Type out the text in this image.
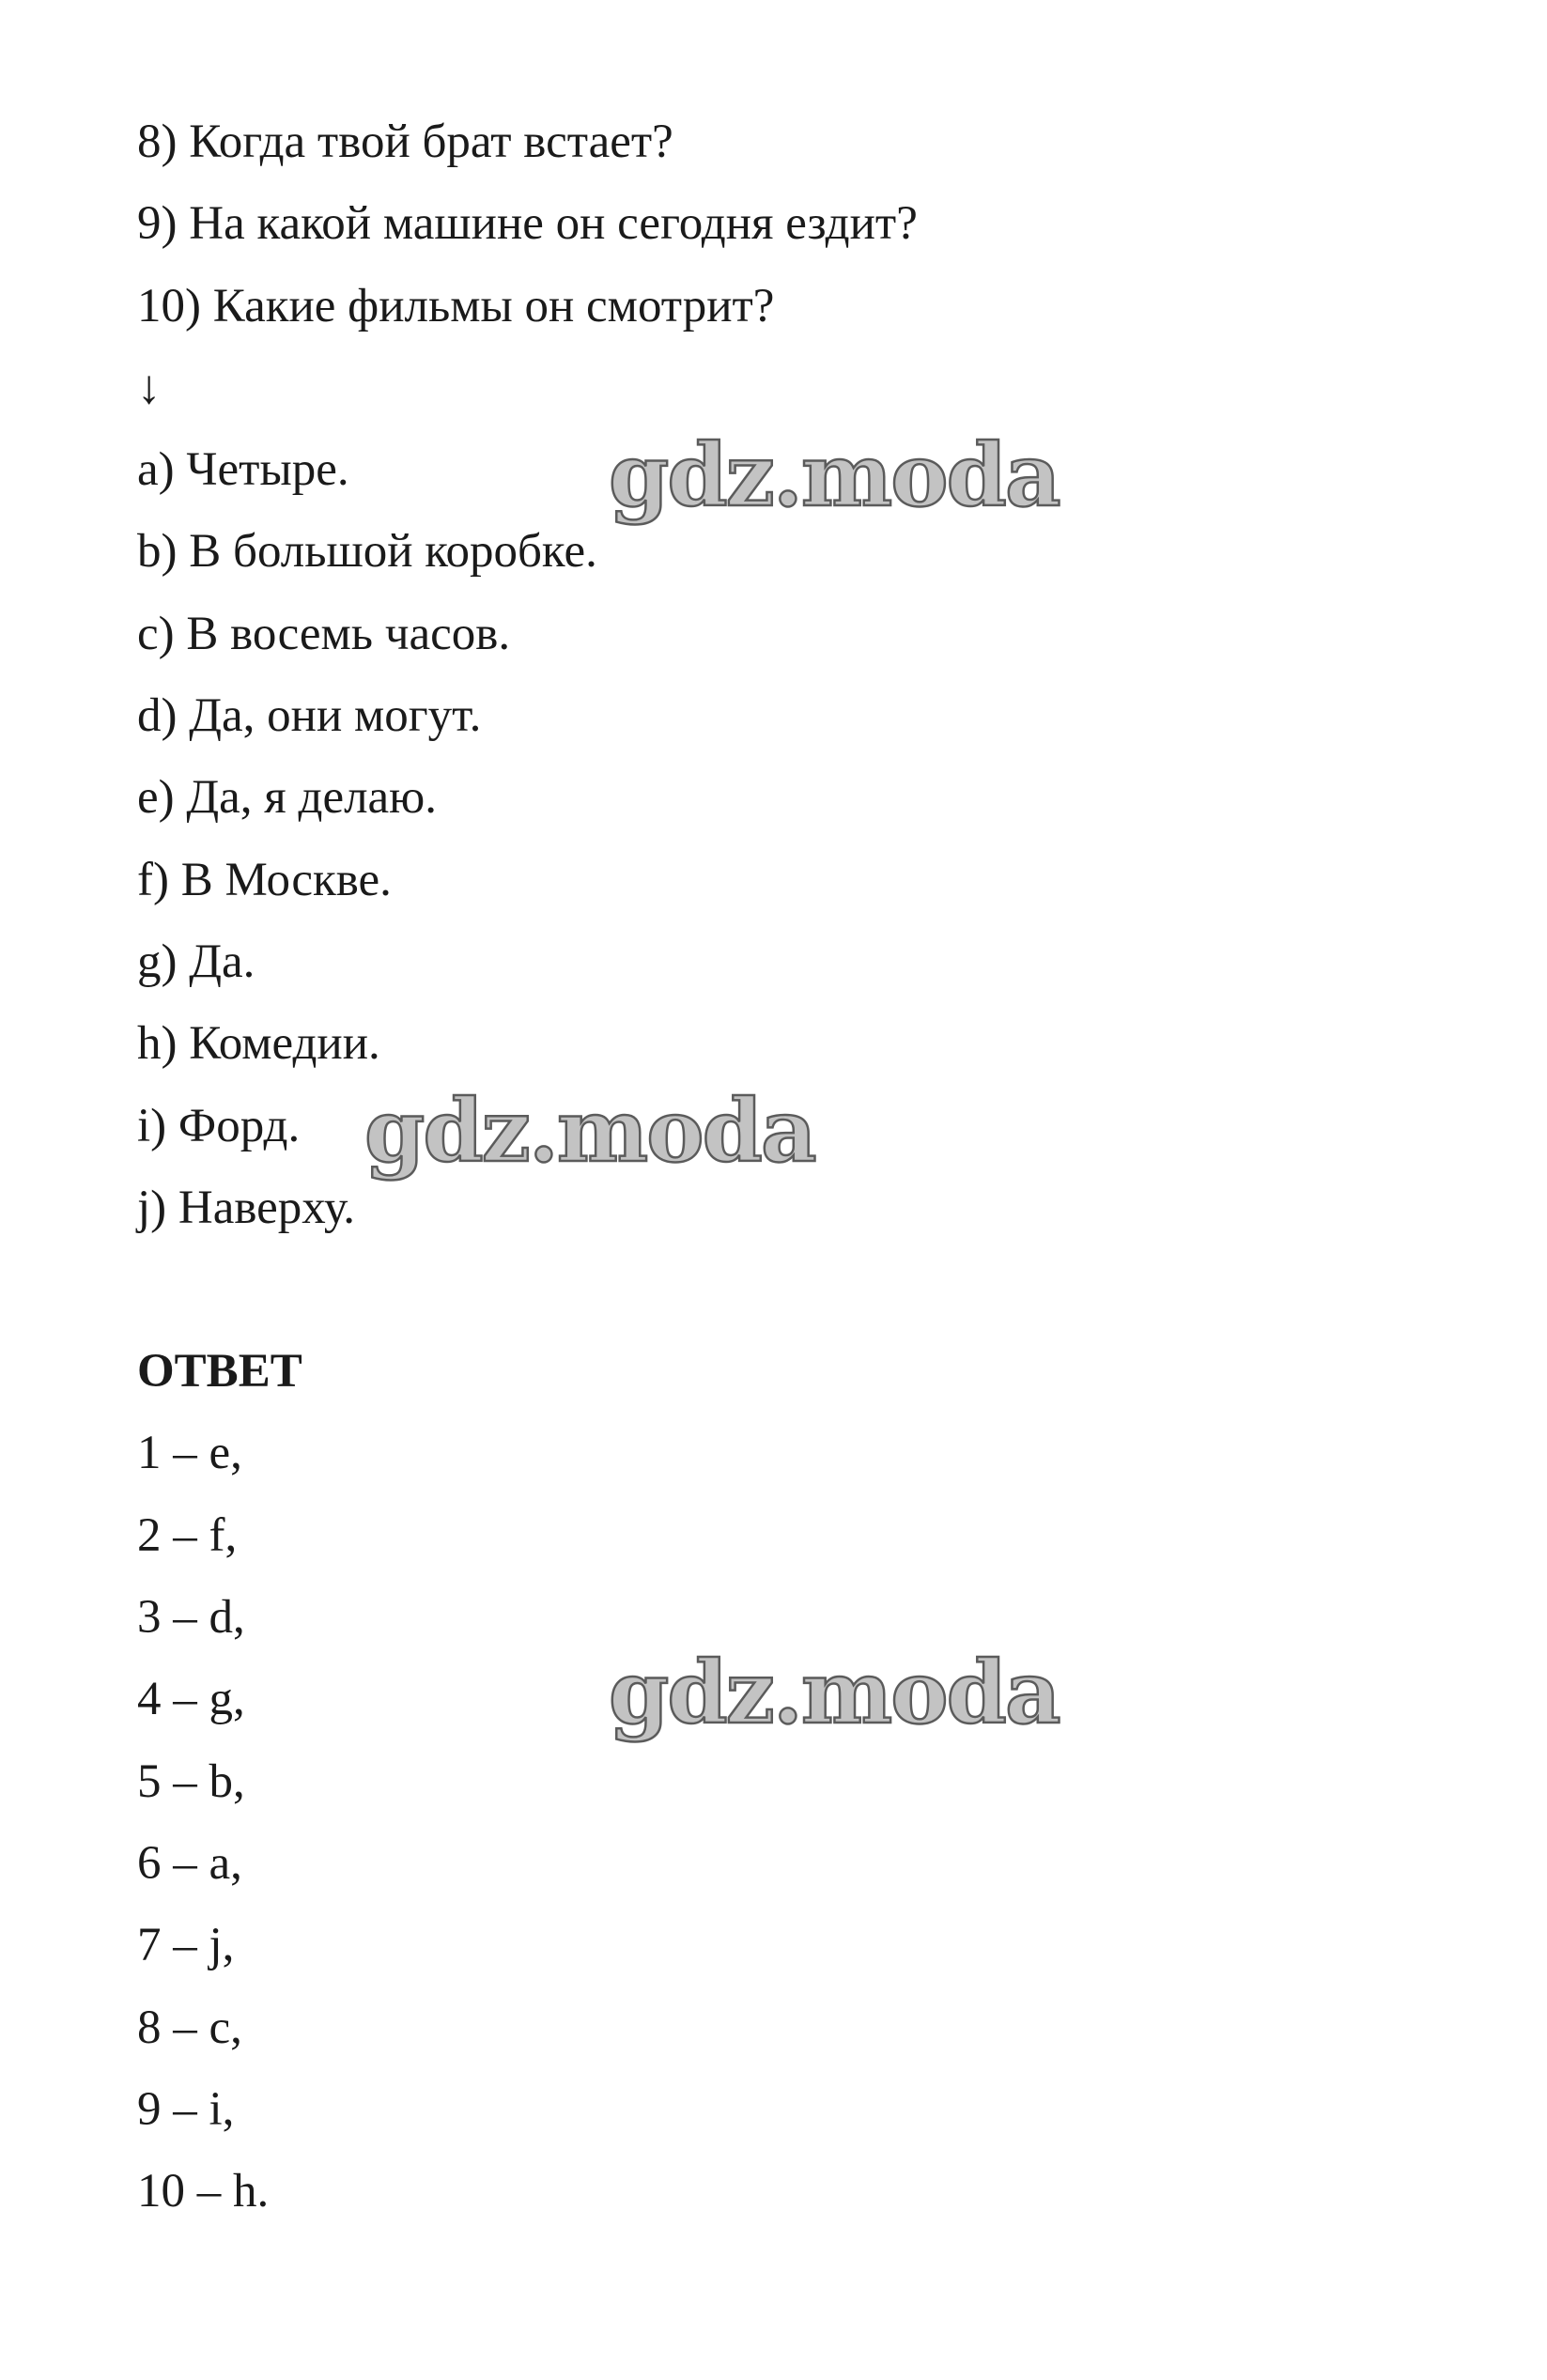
8) Когда твой брат встает?
9) На какой машине он сегодня ездит?
10) Какие фильмы он смотрит?
↓
a) Четыре.
b) В большой коробке.
c) В восемь часов.
d) Да, они могут.
e) Да, я делаю.
f) В Москве.
g) Да.
h) Комедии.
i) Форд.
j) Наверху.
ОТВЕТ
1 – e,
2 – f,
3 – d,
4 – g,
5 – b,
6 – a,
7 – j,
8 – c,
9 – i,
10 – h.
gdz.moda
gdz.moda
gdz.moda
